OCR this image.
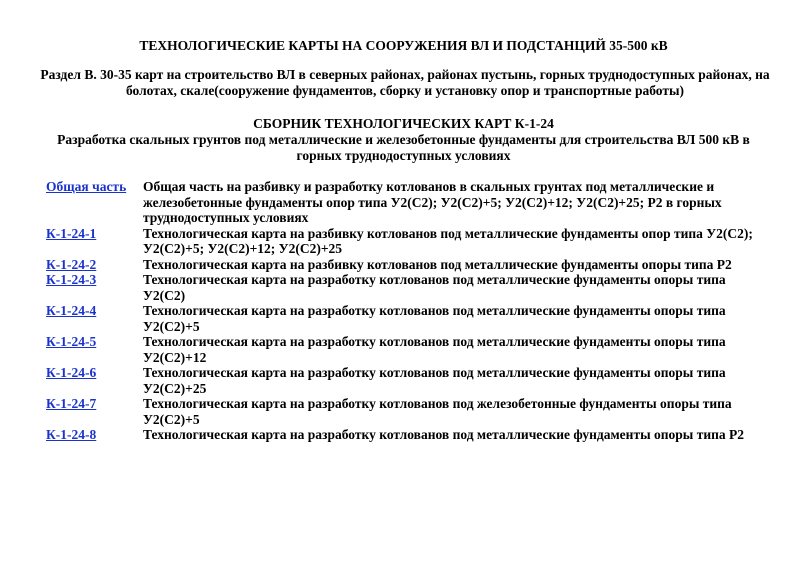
ТЕХНОЛОГИЧЕСКИЕ КАРТЫ НА СООРУЖЕНИЯ ВЛ И ПОДСТАНЦИЙ 35-500 кВ
Раздел В. 30-35 карт на строительство ВЛ в северных районах, районах пустынь, горных труднодоступных районах, на болотах, скале(сооружение фундаментов, сборку и установку опор и транспортные работы)
СБОРНИК ТЕХНОЛОГИЧЕСКИХ КАРТ К-1-24
Разработка скальных грунтов под металлические и железобетонные фундаменты для строительства ВЛ 500 кВ в горных труднодоступных условиях
Общая часть	Общая часть на разбивку и разработку котлованов в скальных грунтах под металлические и железобетонные фундаменты опор типа У2(С2); У2(С2)+5; У2(С2)+12; У2(С2)+25; Р2 в горных труднодоступных условиях
К-1-24-1	Технологическая карта на разбивку котлованов под металлические фундаменты опор типа У2(С2); У2(С2)+5; У2(С2)+12; У2(С2)+25
К-1-24-2	Технологическая карта на разбивку котлованов под металлические фундаменты опоры типа Р2
К-1-24-3	Технологическая карта на разработку котлованов под металлические фундаменты опоры типа У2(С2)
К-1-24-4	Технологическая карта на разработку котлованов под металлические фундаменты опоры типа У2(С2)+5
К-1-24-5	Технологическая карта на разработку котлованов под металлические фундаменты опоры типа У2(С2)+12
К-1-24-6	Технологическая карта на разработку котлованов под металлические фундаменты опоры типа У2(С2)+25
К-1-24-7	Технологическая карта на разработку котлованов под железобетонные фундаменты опоры типа У2(С2)+5
К-1-24-8	Технологическая карта на разработку котлованов под металлические фундаменты опоры типа Р2
